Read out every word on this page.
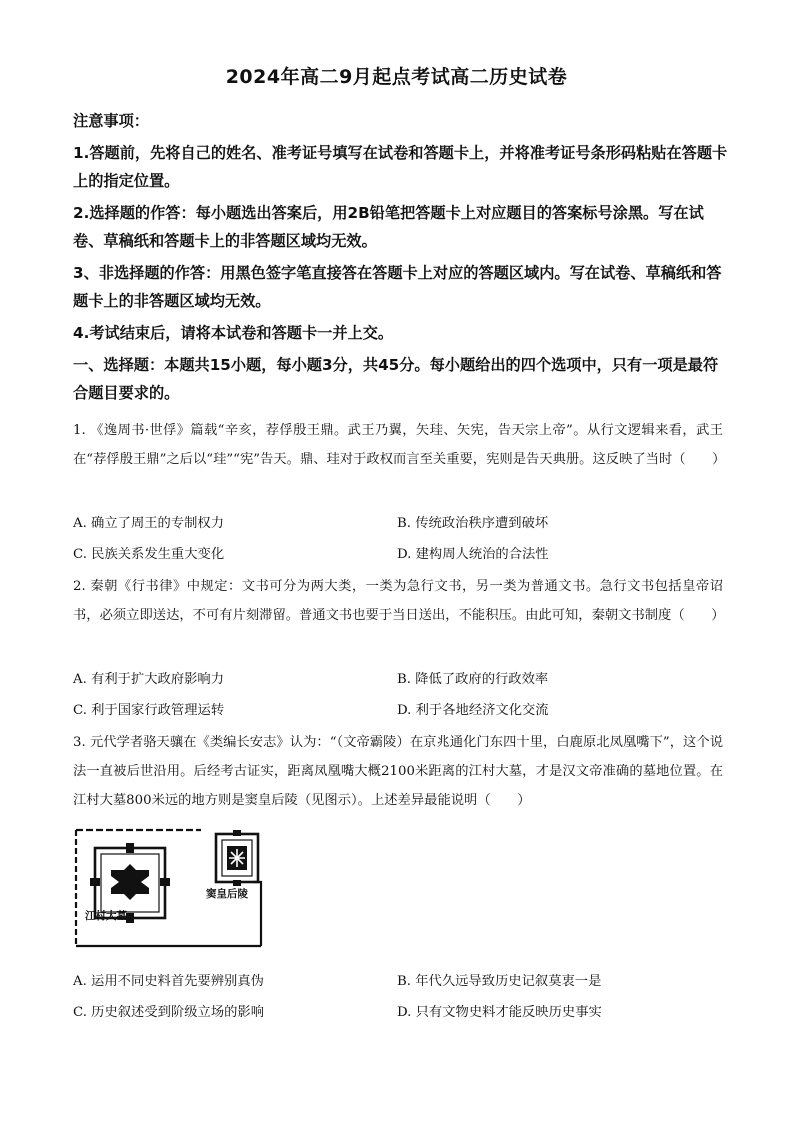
2024年高二9月起点考试高二历史试卷

注意事项：

1.答题前，先将自己的姓名、准考证号填写在试卷和答题卡上，并将准考证号条形码粘贴在答题卡上的指定位置。

2.选择题的作答：每小题选出答案后，用2B铅笔把答题卡上对应题目的答案标号涂黑。写在试卷、草稿纸和答题卡上的非答题区域均无效。

3、非选择题的作答：用黑色签字笔直接答在答题卡上对应的答题区域内。写在试卷、草稿纸和答题卡上的非答题区域均无效。

4.考试结束后，请将本试卷和答题卡一并上交。

一、选择题：本题共15小题，每小题3分，共45分。每小题给出的四个选项中，只有一项是最符合题目要求的。

1. 《逸周书·世俘》篇载“辛亥，荐俘殷王鼎。武王乃翼，矢珪、矢宪，告天宗上帝”。从行文逻辑来看，武王在“荐俘殷王鼎”之后以“珪”“宪”告天。鼎、珪对于政权而言至关重要，宪则是告天典册。这反映了当时（　　）

A. 确立了周王的专制权力	B. 传统政治秩序遭到破坏
C. 民族关系发生重大变化	D. 建构周人统治的合法性

2. 秦朝《行书律》中规定：文书可分为两大类，一类为急行文书，另一类为普通文书。急行文书包括皇帝诏书，必须立即送达，不可有片刻滞留。普通文书也要于当日送出，不能积压。由此可知，秦朝文书制度（　　）

A. 有利于扩大政府影响力	B. 降低了政府的行政效率
C. 利于国家行政管理运转	D. 利于各地经济文化交流

3. 元代学者骆天骧在《类编长安志》认为：“（文帝霸陵）在京兆通化门东四十里，白鹿原北凤凰嘴下”，这个说法一直被后世沿用。后经考古证实，距离凤凰嘴大概2100米距离的江村大墓，才是汉文帝准确的墓地位置。在江村大墓800米远的地方则是窦皇后陵（见图示）。上述差异最能说明（　　）

江村大墓
窦皇后陵
A. 运用不同史料首先要辨别真伪	B. 年代久远导致历史记叙莫衷一是
C. 历史叙述受到阶级立场的影响	D. 只有文物史料才能反映历史事实
